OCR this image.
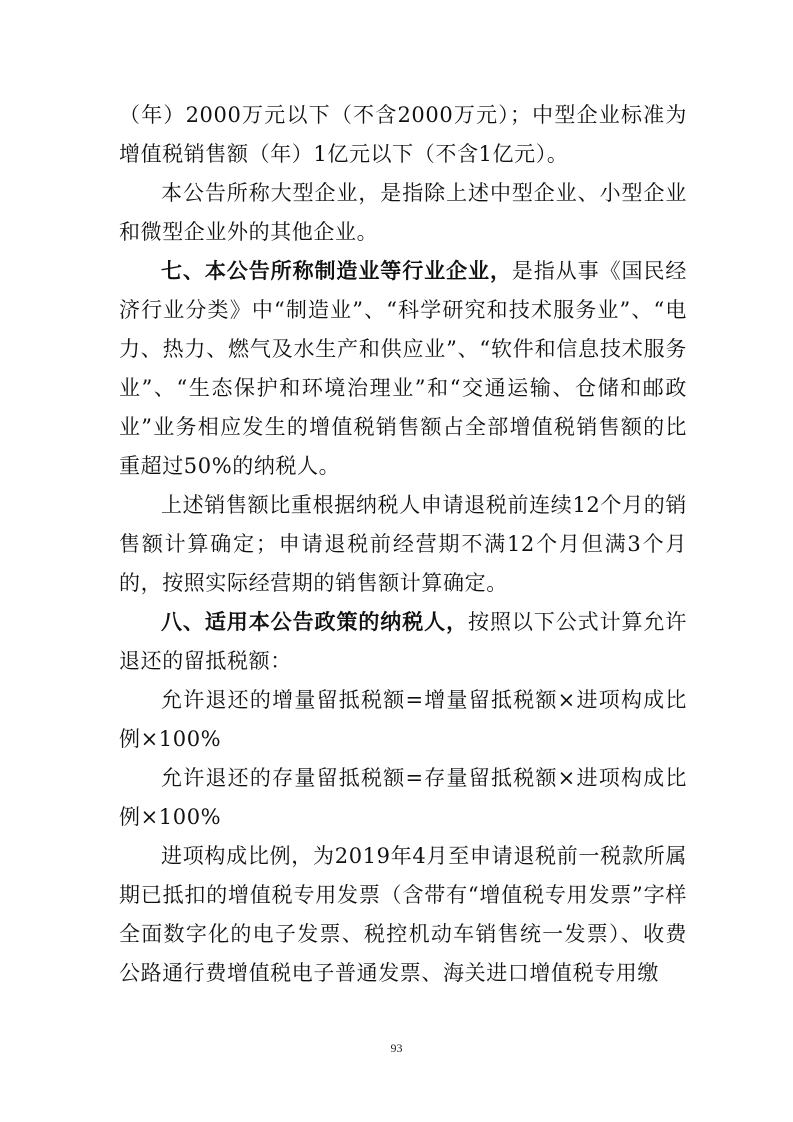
（年）2000万元以下（不含2000万元）；中型企业标准为增值税销售额（年）1亿元以下（不含1亿元）。

本公告所称大型企业，是指除上述中型企业、小型企业和微型企业外的其他企业。

七、本公告所称制造业等行业企业，是指从事《国民经济行业分类》中“制造业”、“科学研究和技术服务业”、“电力、热力、燃气及水生产和供应业”、“软件和信息技术服务业”、“生态保护和环境治理业”和“交通运输、仓储和邮政业”业务相应发生的增值税销售额占全部增值税销售额的比重超过50%的纳税人。

上述销售额比重根据纳税人申请退税前连续12个月的销售额计算确定；申请退税前经营期不满12个月但满3个月的，按照实际经营期的销售额计算确定。

八、适用本公告政策的纳税人，按照以下公式计算允许退还的留抵税额：

允许退还的增量留抵税额=增量留抵税额×进项构成比例×100%

允许退还的存量留抵税额=存量留抵税额×进项构成比例×100%

进项构成比例，为2019年4月至申请退税前一税款所属期已抵扣的增值税专用发票（含带有“增值税专用发票”字样全面数字化的电子发票、税控机动车销售统一发票）、收费公路通行费增值税电子普通发票、海关进口增值税专用缴

93
